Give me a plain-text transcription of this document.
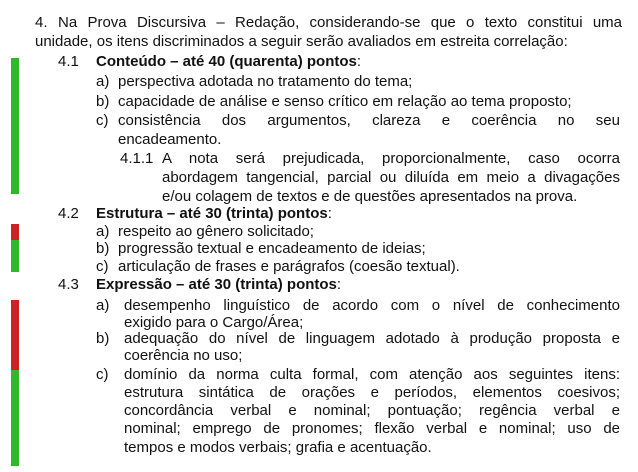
4. Na Prova Discursiva – Redação, considerando-se que o texto constitui uma
unidade, os itens discriminados a seguir serão avaliados em estreita correlação:
4.1 Conteúdo – até 40 (quarenta) pontos:
a) perspectiva adotada no tratamento do tema;
b) capacidade de análise e senso crítico em relação ao tema proposto;
c) consistência dos argumentos, clareza e coerência no seu
encadeamento.
4.1.1 A nota será prejudicada, proporcionalmente, caso ocorra
abordagem tangencial, parcial ou diluída em meio a divagações
e/ou colagem de textos e de questões apresentados na prova.
4.2 Estrutura – até 30 (trinta) pontos:
a) respeito ao gênero solicitado;
b) progressão textual e encadeamento de ideias;
c) articulação de frases e parágrafos (coesão textual).
4.3 Expressão – até 30 (trinta) pontos:
a) desempenho linguístico de acordo com o nível de conhecimento
exigido para o Cargo/Área;
b) adequação do nível de linguagem adotado à produção proposta e
coerência no uso;
c) domínio da norma culta formal, com atenção aos seguintes itens:
estrutura sintática de orações e períodos, elementos coesivos;
concordância verbal e nominal; pontuação; regência verbal e
nominal; emprego de pronomes; flexão verbal e nominal; uso de
tempos e modos verbais; grafia e acentuação.
